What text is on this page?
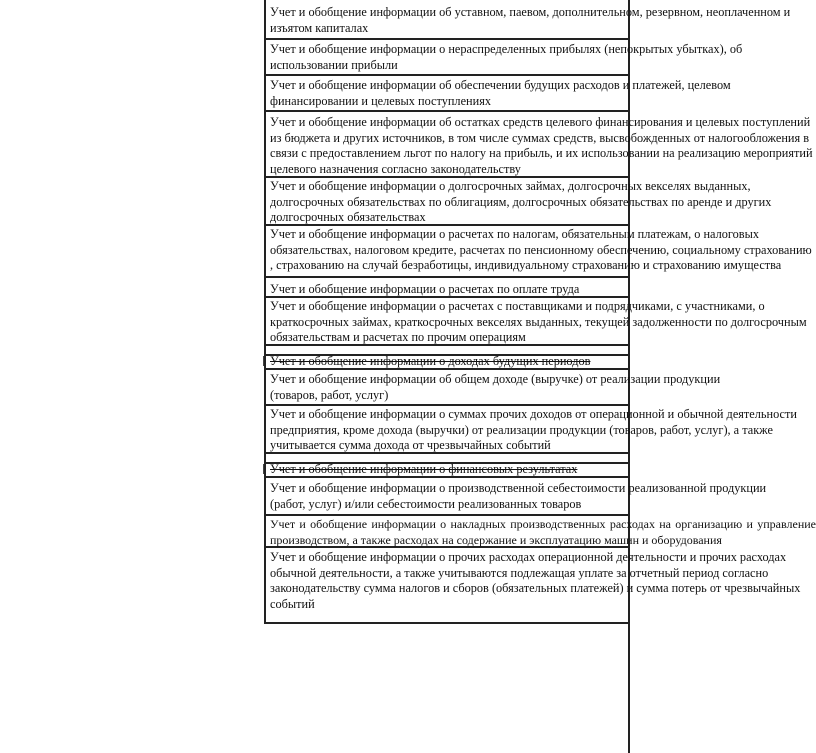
Учет и обобщение информации об уставном, паевом, дополнительном, резервном, неоплаченном и изъятом капиталах
Учет и обобщение информации о нераспределенных прибылях (непокрытых убытках), об использовании прибыли
Учет и обобщение информации об обеспечении будущих расходов и платежей, целевом финансировании и целевых поступлениях
Учет и обобщение информации об остатках средств целевого финансирования и целевых поступлений из бюджета и других источников, в том числе суммах средств, высвобожденных от налогообложения в связи с предоставлением льгот по налогу на прибыль, и их использовании на реализацию мероприятий целевого назначения согласно законодательству
Учет и обобщение информации о долгосрочных займах, долгосрочных векселях выданных, долгосрочных обязательствах по облигациям, долгосрочных обязательствах по аренде и других долгосрочных обязательствах
Учет и обобщение информации о расчетах по налогам, обязательным платежам, о налоговых обязательствах, налоговом кредите, расчетах по пенсионному обеспечению, социальному страхованию , страхованию на случай безработицы, индивидуальному страхованию и страхованию имущества
Учет и обобщение информации о расчетах по оплате труда
Учет и обобщение информации о расчетах с поставщиками и подрядчиками, с участниками, о краткосрочных займах, краткосрочных векселях выданных, текущей задолженности по долгосрочным обязательствам и расчетах по прочим операциям
Учет и обобщение информации о доходах будущих периодов
Учет и обобщение информации об общем доходе (выручке) от реализации продукции (товаров, работ, услуг)
Учет и обобщение информации о суммах прочих доходов от операционной и обычной деятельности предприятия, кроме дохода (выручки) от реализации продукции (товаров, работ, услуг), а также учитывается сумма дохода от чрезвычайных событий
Учет и обобщение информации о финансовых результатах
Учет и обобщение информации о производственной себестоимости реализованной продукции (работ, услуг) и/или себестоимости реализованных товаров
Учет и обобщение информации о накладных производственных расходах на организацию и управление производством, а также расходах на содержание и эксплуатацию машин и оборудования
Учет и обобщение информации о прочих расходах операционной деятельности и прочих расходах обычной деятельности, а также учитываются подлежащая уплате за отчетный период согласно законодательству сумма налогов и сборов (обязательных платежей) и сумма потерь от чрезвычайных событий
